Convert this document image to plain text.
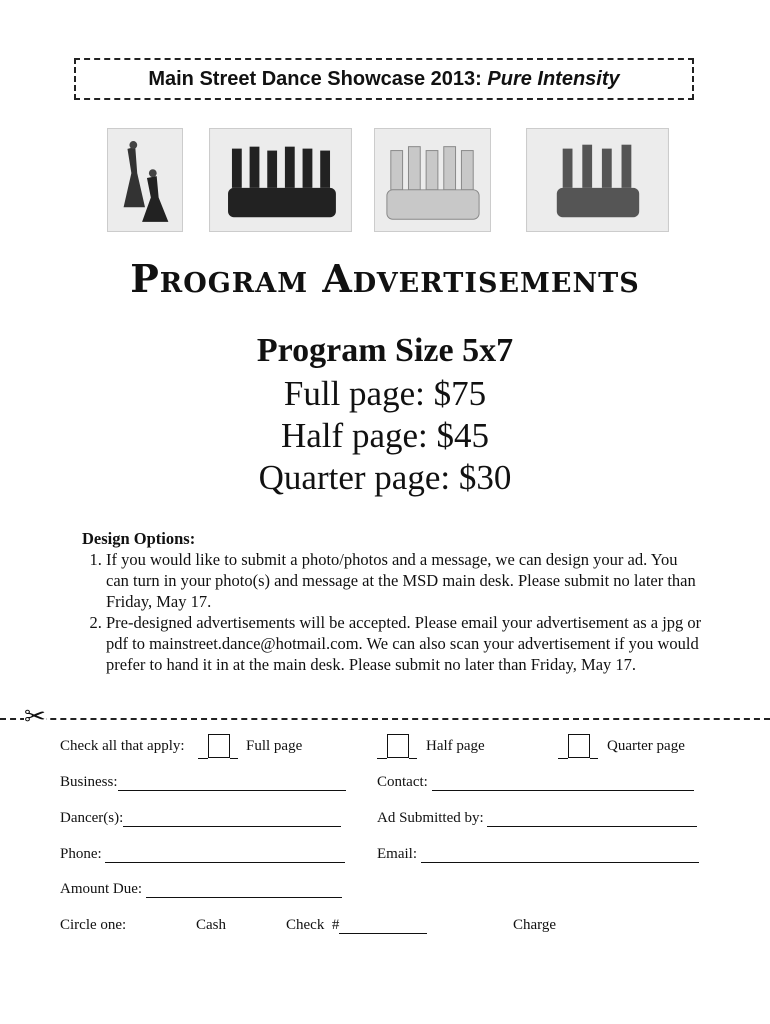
Main Street Dance Showcase 2013: Pure Intensity
Program Advertisements
Program Size 5x7
Full page: $75
Half page: $45
Quarter page: $30
Design Options:
1. If you would like to submit a photo/photos and a message, we can design your ad. You can turn in your photo(s) and message at the MSD main desk. Please submit no later than Friday, May 17.
2. Pre-designed advertisements will be accepted. Please email your advertisement as a jpg or pdf to mainstreet.dance@hotmail.com. We can also scan your advertisement if you would prefer to hand it in at the main desk. Please submit no later than Friday, May 17.
✂
Check all that apply:	Full page	Half page	Quarter page
Business:	Contact:
Dancer(s):	Ad Submitted by:
Phone:	Email:
Amount Due:
Circle one:	Cash	Check  #	Charge
